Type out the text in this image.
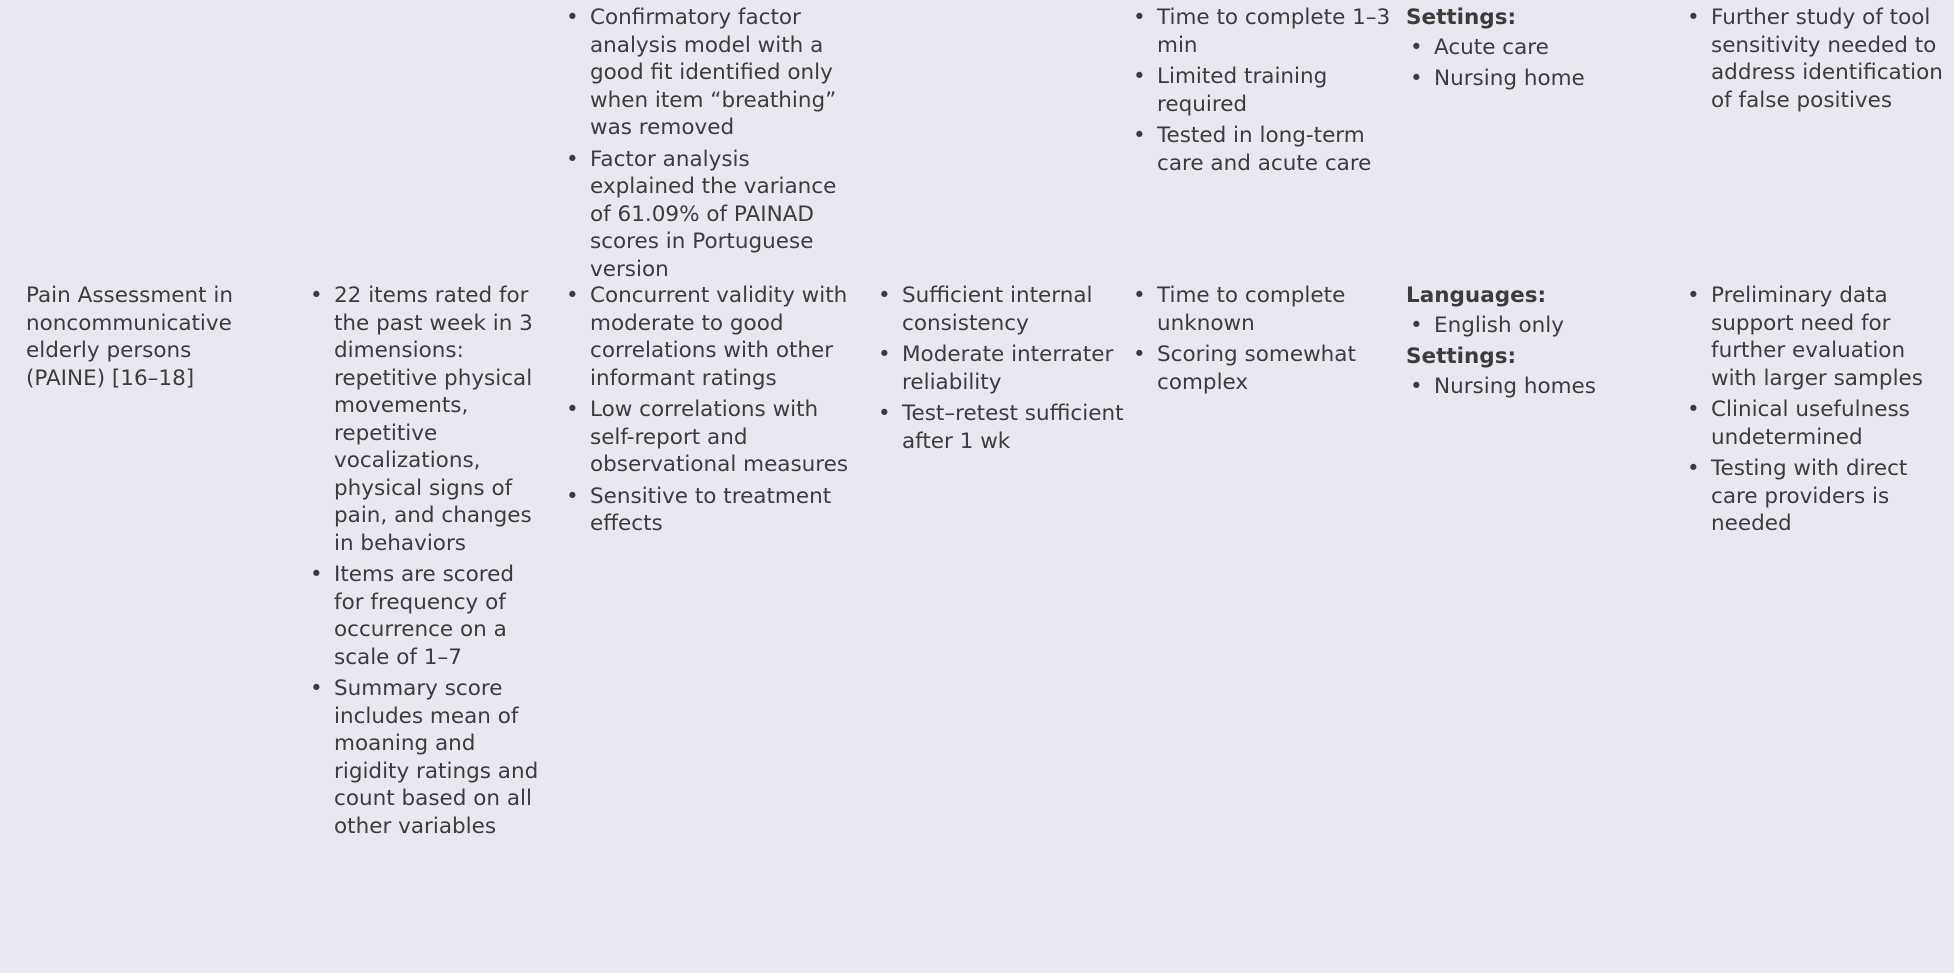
• Confirmatory factor analysis model with a good fit identified only when item “breathing” was removed
• Factor analysis explained the variance of 61.09% of PAINAD scores in Portuguese version
• Time to complete 1–3 min
• Limited training required
• Tested in long-term care and acute care
Settings:
• Acute care
• Nursing home
• Further study of tool sensitivity needed to address identification of false positives
Pain Assessment in noncommunicative elderly persons (PAINE) [16–18]
• 22 items rated for the past week in 3 dimensions: repetitive physical movements, repetitive vocalizations, physical signs of pain, and changes in behaviors
• Items are scored for frequency of occurrence on a scale of 1–7
• Summary score includes mean of moaning and rigidity ratings and count based on all other variables
• Concurrent validity with moderate to good correlations with other informant ratings
• Low correlations with self-report and observational measures
• Sensitive to treatment effects
• Sufficient internal consistency
• Moderate interrater reliability
• Test–retest sufficient after 1 wk
• Time to complete unknown
• Scoring somewhat complex
Languages:
• English only
Settings:
• Nursing homes
• Preliminary data support need for further evaluation with larger samples
• Clinical usefulness undetermined
• Testing with direct care providers is needed
